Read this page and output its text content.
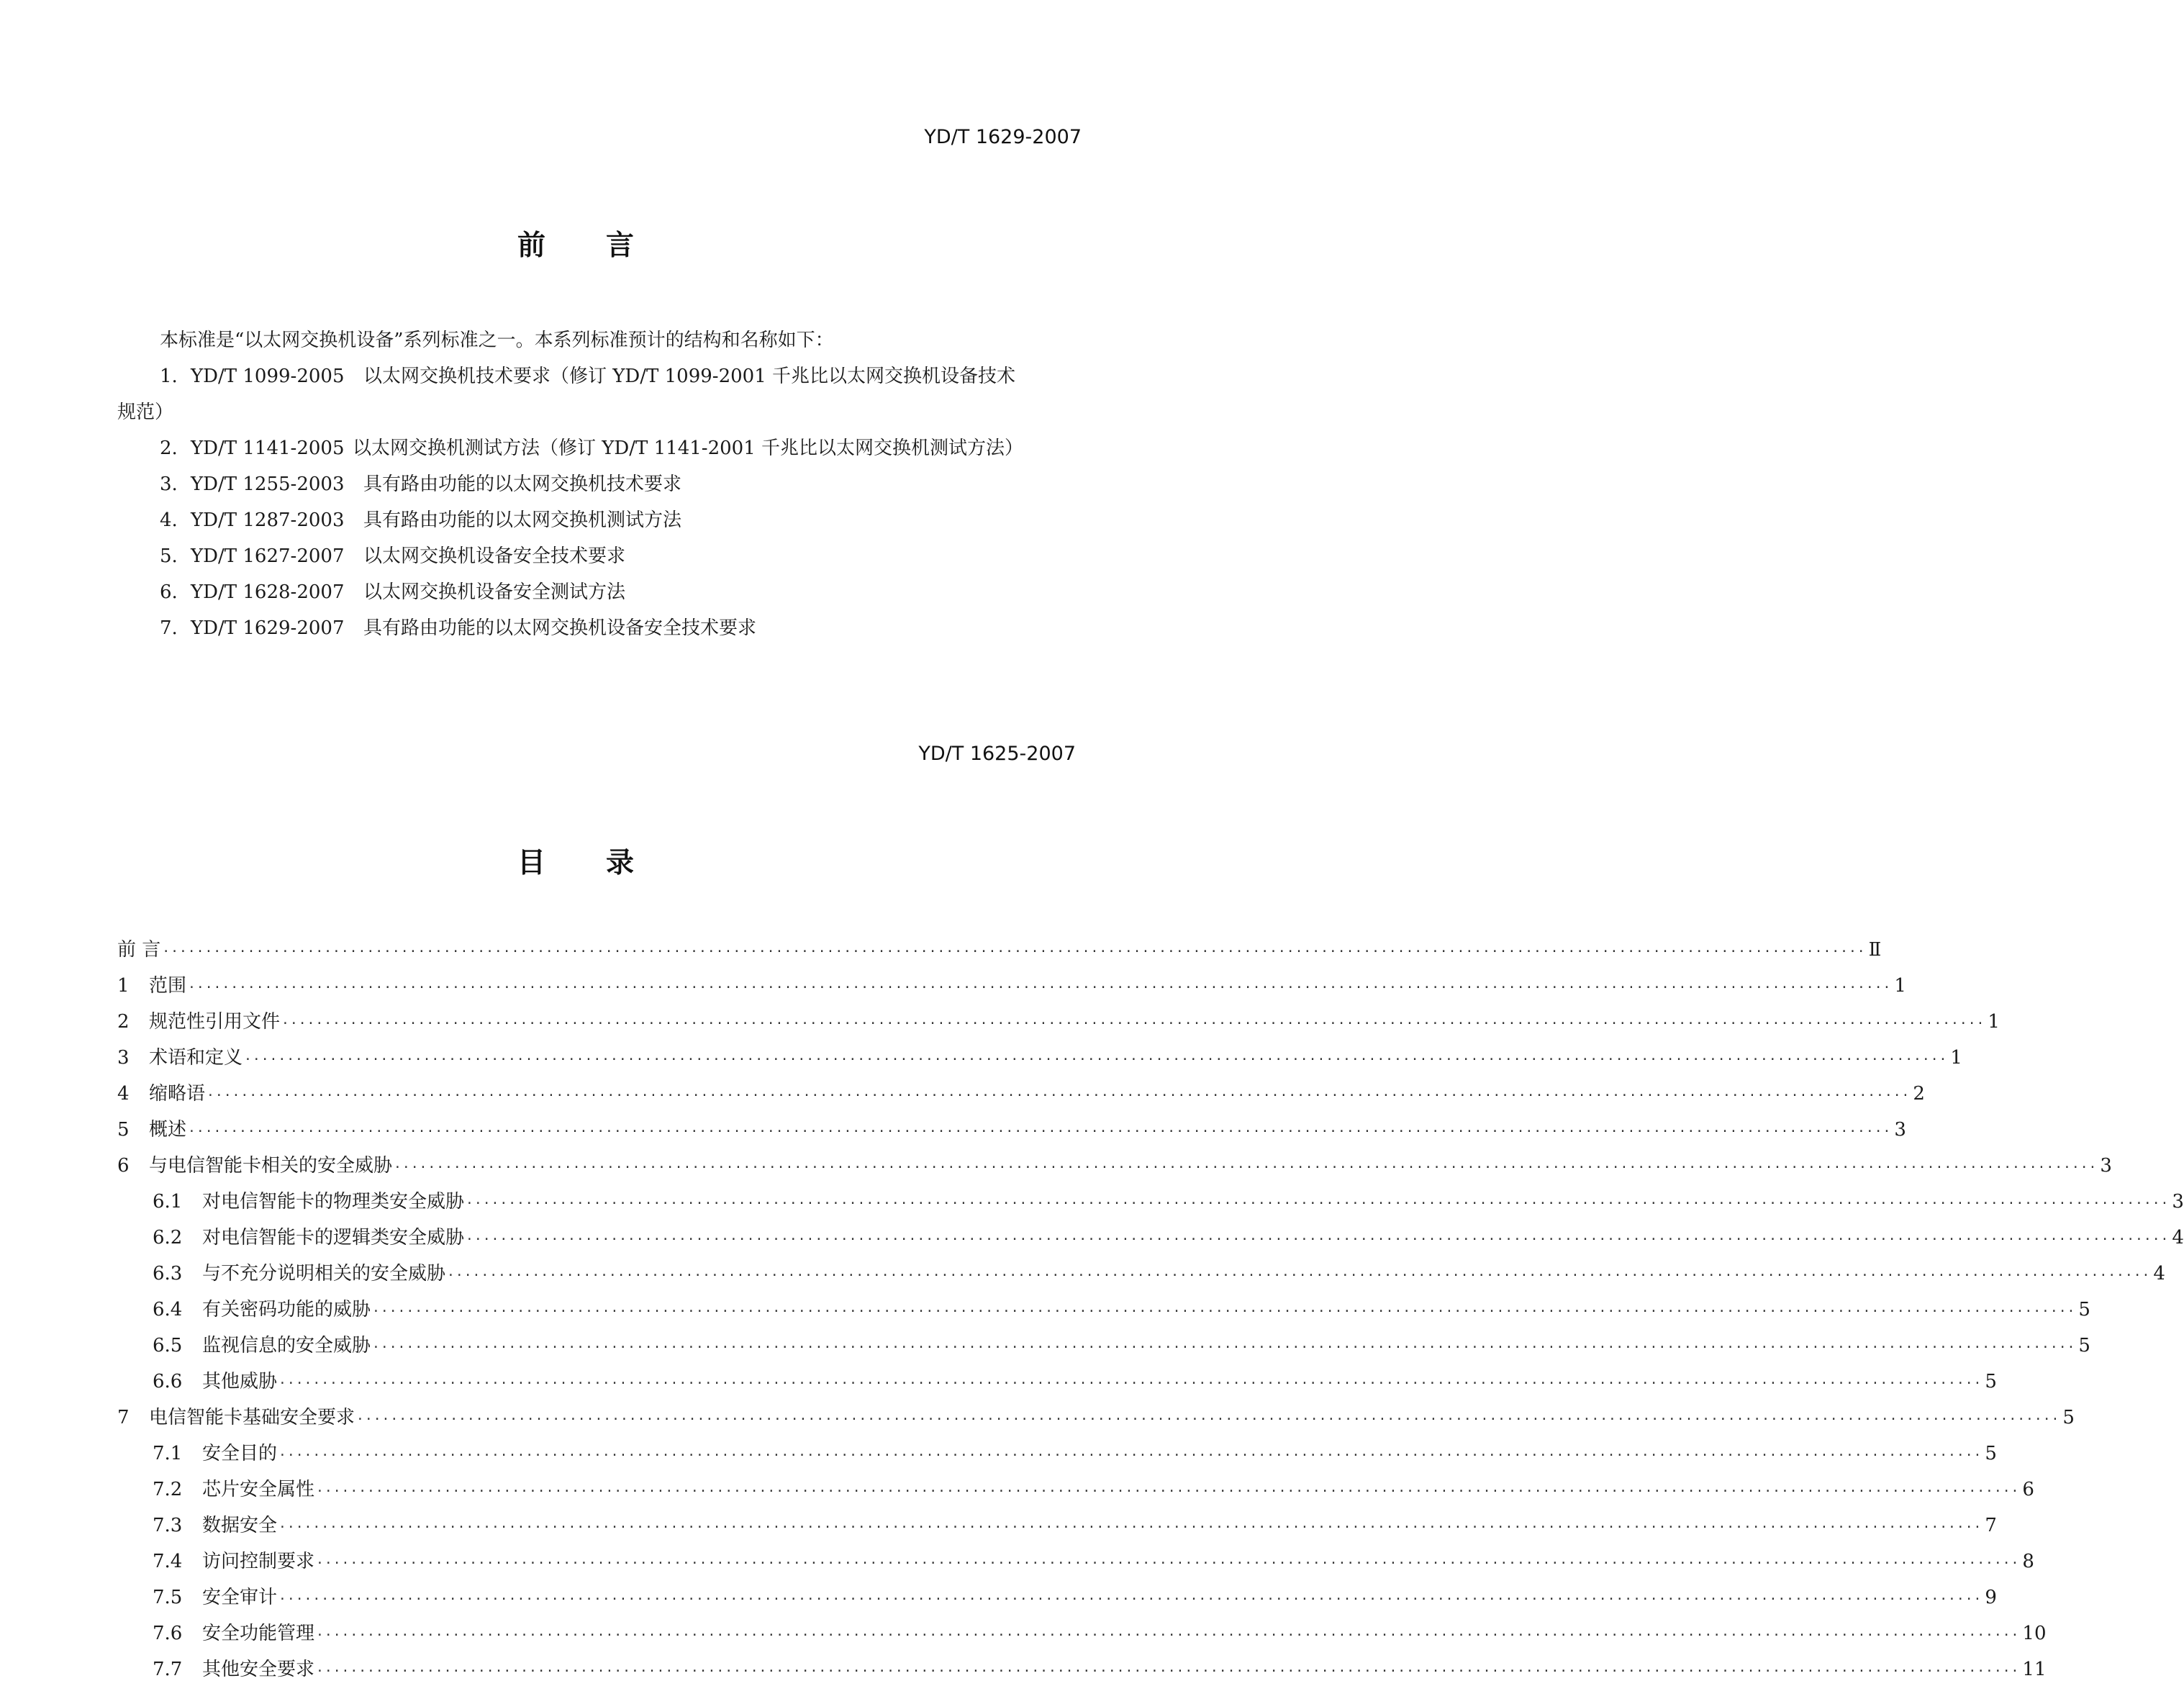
YD/T 1629-2007
前 言
本标准是“以太网交换机设备”系列标准之一。本系列标准预计的结构和名称如下：
1. YD/T 1099-2005 以太网交换机技术要求（修订 YD/T 1099-2001 千兆比以太网交换机设备技术
规范）
2. YD/T 1141-2005 以太网交换机测试方法（修订 YD/T 1141-2001 千兆比以太网交换机测试方法）
3. YD/T 1255-2003 具有路由功能的以太网交换机技术要求
4. YD/T 1287-2003 具有路由功能的以太网交换机测试方法
5. YD/T 1627-2007 以太网交换机设备安全技术要求
6. YD/T 1628-2007 以太网交换机设备安全测试方法
7. YD/T 1629-2007 具有路由功能的以太网交换机设备安全技术要求
YD/T 1625-2007
目 录
前 言 ········································································································································································································ Ⅱ
1 范围 ········································································································································································································ 1
2 规范性引用文件 ········································································································································································································ 1
3 术语和定义 ········································································································································································································ 1
4 缩略语 ········································································································································································································ 2
5 概述 ········································································································································································································ 3
6 与电信智能卡相关的安全威胁 ········································································································································································································ 3
6.1 对电信智能卡的物理类安全威胁 ········································································································································································································ 3
6.2 对电信智能卡的逻辑类安全威胁 ········································································································································································································ 4
6.3 与不充分说明相关的安全威胁 ········································································································································································································ 4
6.4 有关密码功能的威胁 ········································································································································································································ 5
6.5 监视信息的安全威胁 ········································································································································································································ 5
6.6 其他威胁 ········································································································································································································ 5
7 电信智能卡基础安全要求 ········································································································································································································ 5
7.1 安全目的 ········································································································································································································ 5
7.2 芯片安全属性 ········································································································································································································ 6
7.3 数据安全 ········································································································································································································ 7
7.4 访问控制要求 ········································································································································································································ 8
7.5 安全审计 ········································································································································································································ 9
7.6 安全功能管理 ········································································································································································································ 10
7.7 其他安全要求 ········································································································································································································ 11
